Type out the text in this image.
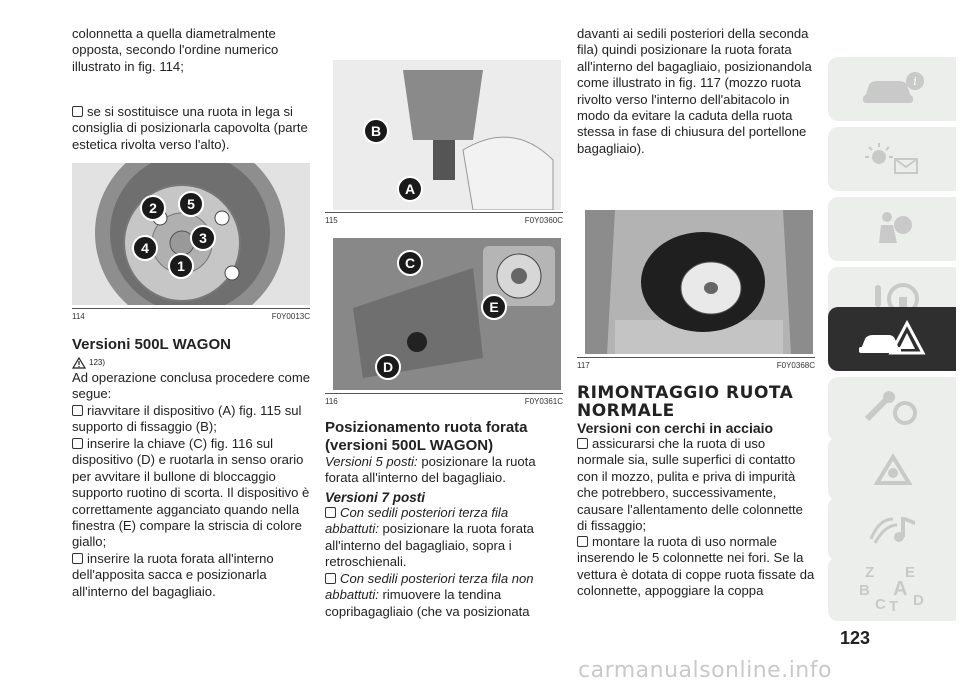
colonnetta a quella diametralmente opposta, secondo l'ordine numerico illustrato in fig. 114;

se si sostituisce una ruota in lega si consiglia di posizionarla capovolta (parte estetica rivolta verso l'alto).

2	5
3
4
1
114	F0Y0013C
Versioni 500L WAGON
123)

Ad operazione conclusa procedere come segue:

riavvitare il dispositivo (A) fig. 115 sul supporto di fissaggio (B);

inserire la chiave (C) fig. 116 sul dispositivo (D) e ruotarla in senso orario per avvitare il bullone di bloccaggio supporto ruotino di scorta. Il dispositivo è correttamente agganciato quando nella finestra (E) compare la striscia di colore giallo;

inserire la ruota forata all'interno dell'apposita sacca e posizionarla all'interno del bagagliaio.

B
A
115	F0Y0360C
C
E
D
116	F0Y0361C
Posizionamento ruota forata (versioni 500L WAGON)

Versioni 5 posti: posizionare la ruota forata all'interno del bagagliaio.

Versioni 7 posti

Con sedili posteriori terza fila abbattuti: posizionare la ruota forata all'interno del bagagliaio, sopra i retroschienali.

Con sedili posteriori terza fila non abbattuti: rimuovere la tendina copribagagliaio (che va posizionata

davanti ai sedili posteriori della seconda fila) quindi posizionare la ruota forata all'interno del bagagliaio, posizionandola come illustrato in fig. 117 (mozzo ruota rivolto verso l'interno dell'abitacolo in modo da evitare la caduta della ruota stessa in fase di chiusura del portellone bagagliaio).

117	F0Y0368C
RIMONTAGGIO RUOTA NORMALE
Versioni con cerchi in acciaio

assicurarsi che la ruota di uso normale sia, sulle superfici di contatto con il mozzo, pulita e priva di impurità che potrebbero, successivamente, causare l'allentamento delle colonnette di fissaggio;

montare la ruota di uso normale inserendo le 5 colonnette nei fori. Se la vettura è dotata di coppe ruota fissate da colonnette, appoggiare la coppa

i
Z E
B A
C T D
123
carmanualsonline.info
